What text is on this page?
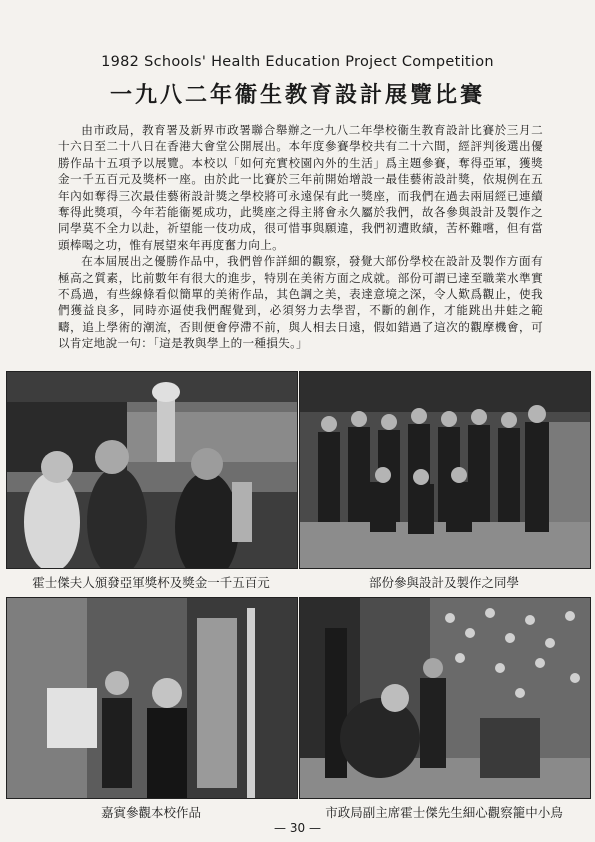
1982 Schools' Health Education Project Competition
一九八二年衞生教育設計展覽比賽

由市政局，教育署及新界市政署聯合舉辦之一九八二年學校衞生教育設計比賽於三月二十六日至二十八日在香港大會堂公開展出。本年度參賽學校共有二十六間，經評判後選出優勝作品十五項予以展覽。本校以「如何充實校園內外的生活」爲主題參賽，奪得亞軍，獲獎金一千五百元及獎杯一座。由於此一比賽於三年前開始增設一最佳藝術設計獎，依規例在五年內如奪得三次最佳藝術設計獎之學校將可永遠保有此一獎座，而我們在過去兩屆經已連續奪得此獎項，今年若能衞冕成功，此獎座之得主將會永久屬於我們，故各參與設計及製作之同學莫不全力以赴，祈望能一伎功成，很可惜事與願違，我們初遭敗績，苦杯難嚐，但有當頭棒喝之功，惟有展望來年再度奮力向上。

在本屆展出之優勝作品中，我們曾作詳細的觀察，發覺大部份學校在設計及製作方面有極高之質素，比前數年有很大的進步，特別在美術方面之成就。部份可謂已達至職業水準實不爲過，有些線條看似簡單的美術作品，其色調之美，表達意境之深，令人歎爲觀止，使我們獲益良多，同時亦逼使我們醒覺到，必須努力去學習，不斷的創作，才能跳出井蛙之範疇，追上學術的潮流，否則便會停滯不前，與人相去日遠，假如錯過了這次的觀摩機會，可以肯定地說一句：「這是教與學上的一種損失。」

霍士傑夫人頒發亞軍獎杯及獎金一千五百元	部份參與設計及製作之同學
嘉賓參觀本校作品	市政局副主席霍士傑先生細心觀察籠中小鳥
— 30 —
